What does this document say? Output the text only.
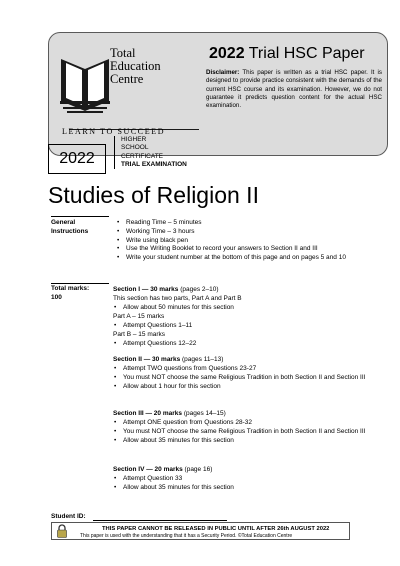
Total
Education
Centre
LEARN TO SUCCEED
2022 Trial HSC Paper
Disclaimer: This paper is written as a trial HSC paper. It is designed to provide practice consistent with the demands of the current HSC course and its examination. However, we do not guarantee it predicts question content for the actual HSC examination.
2022
HIGHER
SCHOOL
CERTIFICATE
TRIAL EXAMINATION
Studies of Religion II
General
Instructions
• Reading Time – 5 minutes
• Working Time – 3 hours
• Write using black pen
• Use the Writing Booklet to record your answers to Section II and III
• Write your student number at the bottom of this page and on pages 5 and 10
Total marks:
100
Section I — 30 marks (pages 2–10)
This section has two parts, Part A and Part B
• Allow about 50 minutes for this section
Part A – 15 marks
• Attempt Questions 1–11
Part B – 15 marks
• Attempt Questions 12–22
Section II — 30 marks (pages 11–13)
• Attempt TWO questions from Questions 23-27
• You must NOT choose the same Religious Tradition in both Section II and Section III
• Allow about 1 hour for this section
Section III — 20 marks (pages 14–15)
• Attempt ONE question from Questions 28-32
• You must NOT choose the same Religious Tradition in both Section II and Section III
• Allow about 35 minutes for this section
Section IV — 20 marks (page 16)
• Attempt Question 33
• Allow about 35 minutes for this section
Student ID:
THIS PAPER CANNOT BE RELEASED IN PUBLIC UNTIL AFTER 26th AUGUST 2022
This paper is used with the understanding that it has a Security Period. ©Total Education Centre
